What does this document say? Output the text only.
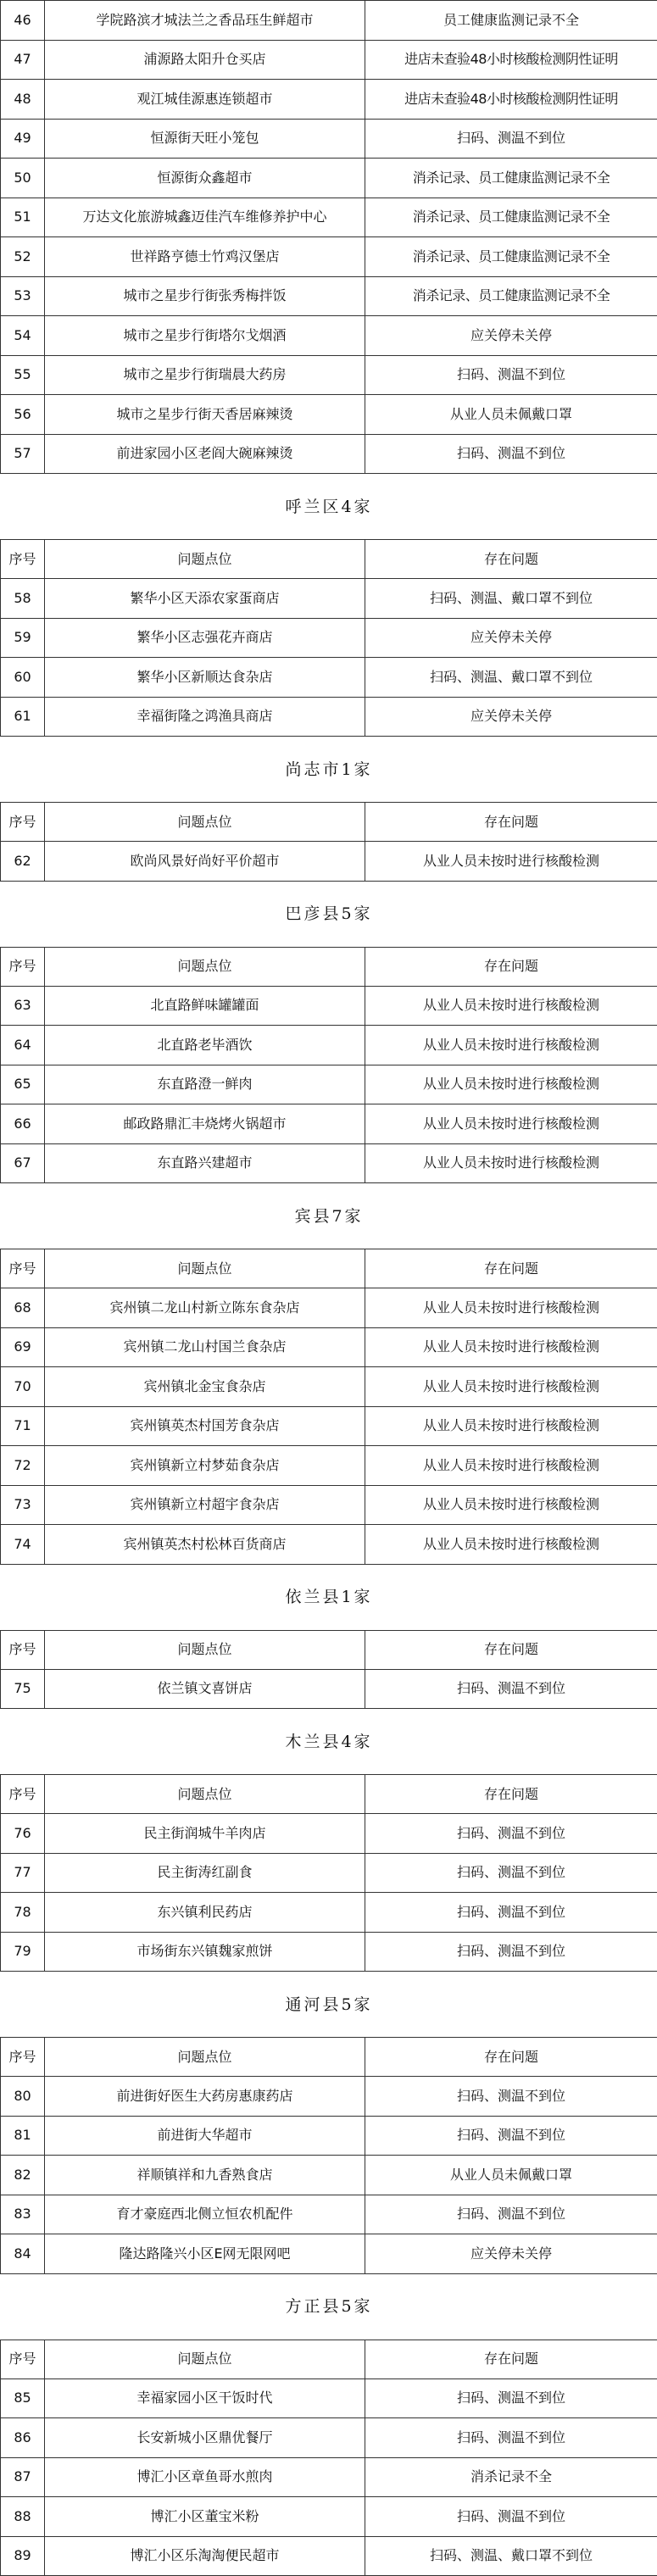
46	学院路滨才城法兰之香品珏生鲜超市	员工健康监测记录不全
47	浦源路太阳升仓买店	进店未查验48小时核酸检测阴性证明
48	观江城佳源惠连锁超市	进店未查验48小时核酸检测阴性证明
49	恒源街天旺小笼包	扫码、测温不到位
50	恒源街众鑫超市	消杀记录、员工健康监测记录不全
51	万达文化旅游城鑫迈佳汽车维修养护中心	消杀记录、员工健康监测记录不全
52	世祥路亨德士竹鸡汉堡店	消杀记录、员工健康监测记录不全
53	城市之星步行街张秀梅拌饭	消杀记录、员工健康监测记录不全
54	城市之星步行街塔尔戈烟酒	应关停未关停
55	城市之星步行街瑞晨大药房	扫码、测温不到位
56	城市之星步行街天香居麻辣烫	从业人员未佩戴口罩
57	前进家园小区老阎大碗麻辣烫	扫码、测温不到位
呼兰区4家		
序号	问题点位	存在问题
58	繁华小区天添农家蛋商店	扫码、测温、戴口罩不到位
59	繁华小区志强花卉商店	应关停未关停
60	繁华小区新顺达食杂店	扫码、测温、戴口罩不到位
61	幸福街隆之鸿渔具商店	应关停未关停
尚志市1家		
序号	问题点位	存在问题
62	欧尚风景好尚好平价超市	从业人员未按时进行核酸检测
巴彦县5家		
序号	问题点位	存在问题
63	北直路鲜味罐罐面	从业人员未按时进行核酸检测
64	北直路老毕酒饮	从业人员未按时进行核酸检测
65	东直路澄一鲜肉	从业人员未按时进行核酸检测
66	邮政路鼎汇丰烧烤火锅超市	从业人员未按时进行核酸检测
67	东直路兴建超市	从业人员未按时进行核酸检测
宾县7家		
序号	问题点位	存在问题
68	宾州镇二龙山村新立陈东食杂店	从业人员未按时进行核酸检测
69	宾州镇二龙山村国兰食杂店	从业人员未按时进行核酸检测
70	宾州镇北金宝食杂店	从业人员未按时进行核酸检测
71	宾州镇英杰村国芳食杂店	从业人员未按时进行核酸检测
72	宾州镇新立村梦茹食杂店	从业人员未按时进行核酸检测
73	宾州镇新立村超宇食杂店	从业人员未按时进行核酸检测
74	宾州镇英杰村松林百货商店	从业人员未按时进行核酸检测
依兰县1家		
序号	问题点位	存在问题
75	依兰镇文喜饼店	扫码、测温不到位
木兰县4家		
序号	问题点位	存在问题
76	民主街润城牛羊肉店	扫码、测温不到位
77	民主街涛红副食	扫码、测温不到位
78	东兴镇利民药店	扫码、测温不到位
79	市场街东兴镇魏家煎饼	扫码、测温不到位
通河县5家		
序号	问题点位	存在问题
80	前进街好医生大药房惠康药店	扫码、测温不到位
81	前进街大华超市	扫码、测温不到位
82	祥顺镇祥和九香熟食店	从业人员未佩戴口罩
83	育才豪庭西北侧立恒农机配件	扫码、测温不到位
84	隆达路隆兴小区E网无限网吧	应关停未关停
方正县5家		
序号	问题点位	存在问题
85	幸福家园小区干饭时代	扫码、测温不到位
86	长安新城小区鼎优餐厅	扫码、测温不到位
87	博汇小区章鱼哥水煎肉	消杀记录不全
88	博汇小区董宝米粉	扫码、测温不到位
89	博汇小区乐淘淘便民超市	扫码、测温、戴口罩不到位
